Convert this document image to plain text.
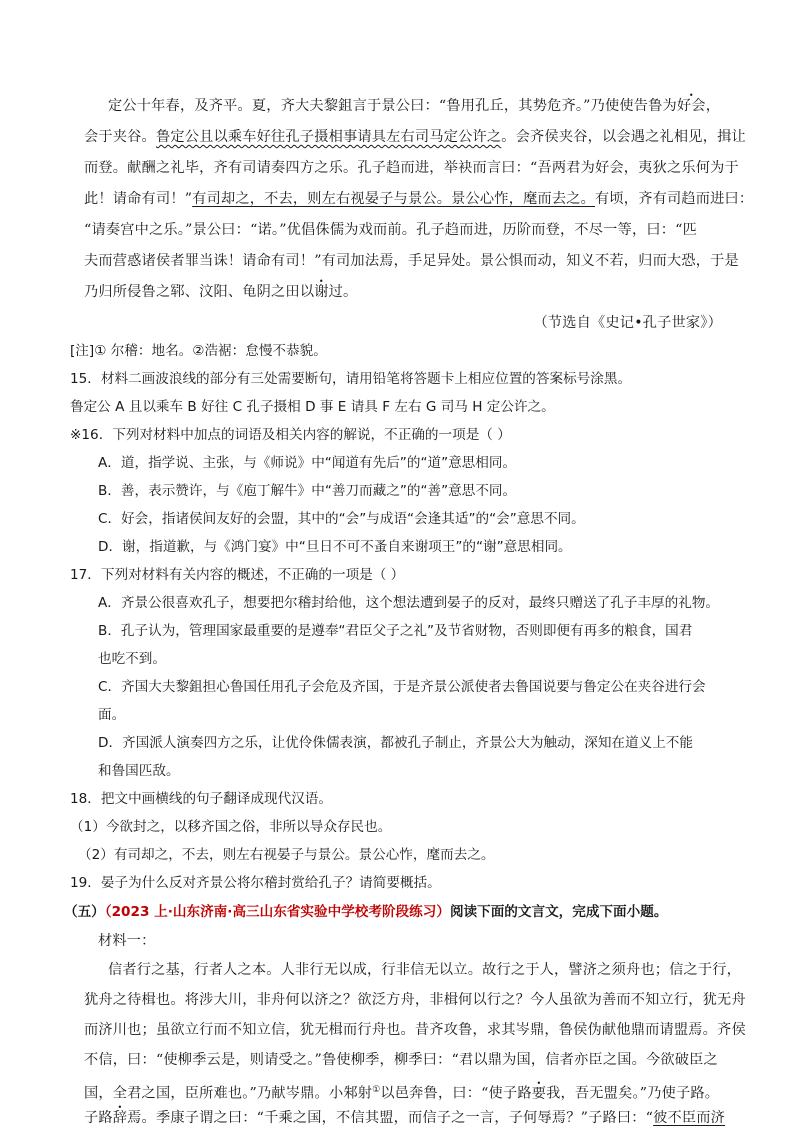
定公十年春，及齐平。夏，齐大夫黎鉏言于景公曰：“鲁用孔丘，其势危齐。”乃使使告鲁为好会，
会于夹谷。鲁定公且以乘车好往孔子摄相事请具左右司马定公许之。会齐侯夹谷，以会遇之礼相见，揖让
而登。献酬之礼毕，齐有司请奏四方之乐。孔子趋而进，举袂而言曰：“吾两君为好会，夷狄之乐何为于
此！请命有司！”有司却之，不去，则左右视晏子与景公。景公心怍，麾而去之。有顷，齐有司趋而进曰：
“请奏宫中之乐。”景公曰：“诺。”优倡侏儒为戏而前。孔子趋而进，历阶而登，不尽一等，曰：“匹
夫而营惑诸侯者罪当诛！请命有司！”有司加法焉，手足异处。景公惧而动，知义不若，归而大恐，于是
乃归所侵鲁之郓、汶阳、龟阴之田以谢过。
（节选自《史记•孔子世家》）
[注]① 尔稽：地名。②浩裾：怠慢不恭貌。
15．材料二画波浪线的部分有三处需要断句，请用铅笔将答题卡上相应位置的答案标号涂黑。
鲁定公 A 且以乘车 B 好往 C 孔子摄相 D 事 E 请具 F 左右 G 司马 H 定公许之。
※16．下列对材料中加点的词语及相关内容的解说，不正确的一项是（ ）
A．道，指学说、主张，与《师说》中“闻道有先后”的“道”意思相同。
B．善，表示赞许，与《庖丁解牛》中“善刀而藏之”的“善”意思不同。
C．好会，指诸侯间友好的会盟，其中的“会”与成语“会逢其适”的“会”意思不同。
D．谢，指道歉，与《鸿门宴》中“旦日不可不蚤自来谢项王”的“谢”意思相同。
17．下列对材料有关内容的概述，不正确的一项是（ ）
A．齐景公很喜欢孔子，想要把尔稽封给他，这个想法遭到晏子的反对，最终只赠送了孔子丰厚的礼物。
B．孔子认为，管理国家最重要的是遵奉“君臣父子之礼”及节省财物，否则即便有再多的粮食，国君
也吃不到。
C．齐国大夫黎鉏担心鲁国任用孔子会危及齐国，于是齐景公派使者去鲁国说要与鲁定公在夹谷进行会
面。
D．齐国派人演奏四方之乐，让优伶侏儒表演，都被孔子制止，齐景公大为触动，深知在道义上不能
和鲁国匹敌。
18．把文中画横线的句子翻译成现代汉语。
（1）今欲封之，以移齐国之俗，非所以导众存民也。
（2）有司却之，不去，则左右视晏子与景公。景公心怍，麾而去之。
19．晏子为什么反对齐景公将尔稽封赏给孔子？请简要概括。
（五）（2023 上·山东济南·高三山东省实验中学校考阶段练习）阅读下面的文言文，完成下面小题。
材料一：
信者行之基，行者人之本。人非行无以成，行非信无以立。故行之于人，譬济之须舟也；信之于行，
犹舟之待楫也。将涉大川，非舟何以济之？欲泛方舟，非楫何以行之？今人虽欲为善而不知立行，犹无舟
而济川也；虽欲立行而不知立信，犹无楫而行舟也。昔齐攻鲁，求其岑鼎，鲁侯伪献他鼎而请盟焉。齐侯
不信，曰：“使柳季云是，则请受之。”鲁使柳季，柳季曰：“君以鼎为国，信者亦臣之国。今欲破臣之
国，全君之国，臣所难也。”乃献岑鼎。小邾射①以邑奔鲁，曰：“使子路要我，吾无盟矣。”乃使子路。
子路辞焉。季康子谓之曰：“千乘之国，不信其盟，而信子之一言，子何辱焉？”子路曰：“彼不臣而济
